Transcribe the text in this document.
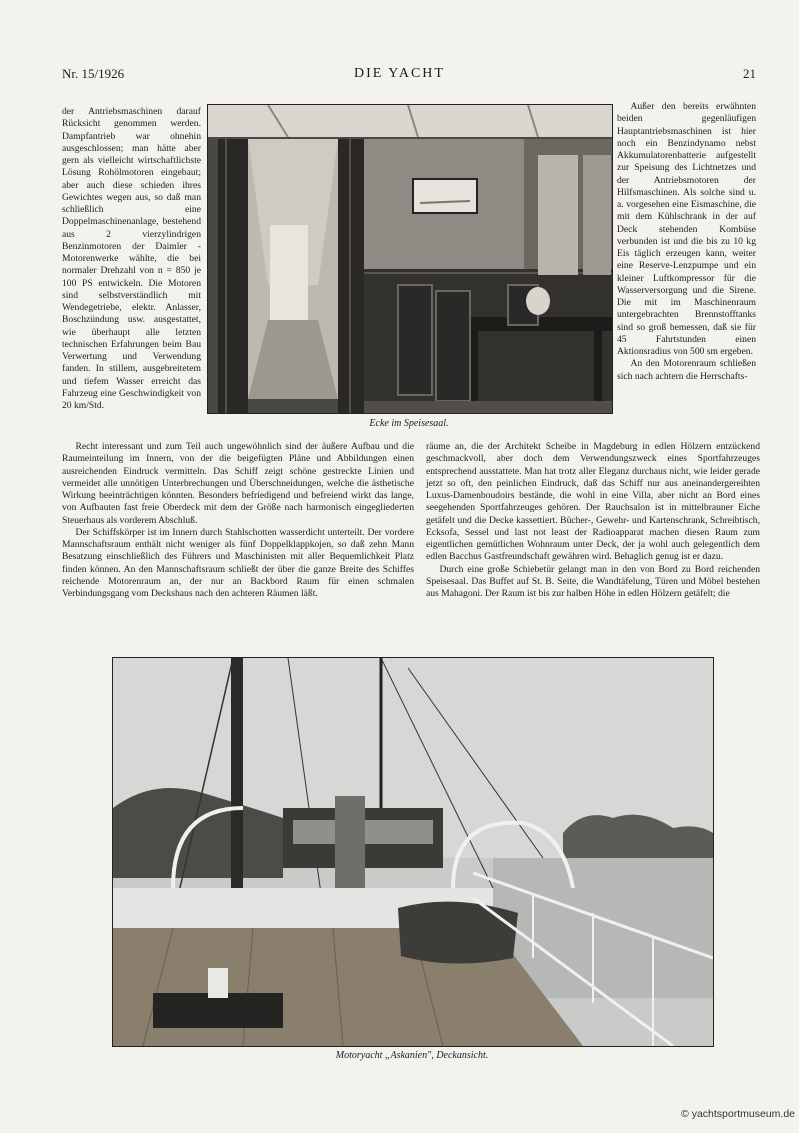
Nr. 15/1926	DIE YACHT	21

der Antriebsmaschinen darauf Rücksicht genommen werden. Dampfantrieb war ohnehin ausgeschlossen; man hätte aber gern als vielleicht wirtschaftlichste Lösung Rohölmotoren eingebaut; aber auch diese schieden ihres Gewichtes wegen aus, so daß man schließlich eine Doppelmaschinenanlage, bestehend aus 2 vierzylindrigen Benzinmotoren der Daimler - Motorenwerke wählte, die bei normaler Drehzahl von n = 850 je 100 PS entwickeln. Die Motoren sind selbstverständlich mit Wendegetriebe, elektr. Anlasser, Boschzündung usw. ausgestattet, wie überhaupt alle letzten technischen Erfahrungen beim Bau Verwertung und Verwendung fanden. In stillem, ausgebreitetem und tiefem Wasser erreicht das Fahrzeug eine Geschwindigkeit von 20 km/Std.

Außer den bereits erwähnten beiden gegenläufigen Hauptantriebsmaschinen ist hier noch ein Benzindynamo nebst Akkumulatorenbatterie aufgestellt zur Speisung des Lichtnetzes und der Antriebsmotoren der Hilfsmaschinen. Als solche sind u. a. vorgesehen eine Eismaschine, die mit dem Kühlschrank in der auf Deck stehenden Kombüse verbunden ist und die bis zu 10 kg Eis täglich erzeugen kann, weiter eine Reserve-Lenzpumpe und ein kleiner Luftkompressor für die Wasserversorgung und die Sirene. Die mit im Maschinenraum untergebrachten Brennstofftanks sind so groß bemessen, daß sie für 45 Fahrtstunden einen Aktionsradius von 500 sm ergeben.

An den Motorenraum schließen sich nach achtern die Herrschafts-

Ecke im Speisesaal.

Recht interessant und zum Teil auch ungewöhnlich sind der äußere Aufbau und die Raumeinteilung im Innern, von der die beigefügten Pläne und Abbildungen einen ausreichenden Eindruck vermitteln. Das Schiff zeigt schöne gestreckte Linien und vermeidet alle unnötigen Unterbrechungen und Überschneidungen, welche die ästhetische Wirkung beeinträchtigen könnten. Besonders befriedigend und befreiend wirkt das lange, von Aufbauten fast freie Oberdeck mit dem der Größe nach harmonisch eingegliederten Steuerhaus als vorderem Abschluß.

Der Schiffskörper ist im Innern durch Stahlschotten wasserdicht unterteilt. Der vordere Mannschaftsraum enthält nicht weniger als fünf Doppelklappkojen, so daß zehn Mann Besatzung einschließlich des Führers und Maschinisten mit aller Bequemlichkeit Platz finden können. An den Mannschaftsraum schließt der über die ganze Breite des Schiffes reichende Motorenraum an, der nur an Backbord Raum für einen schmalen Verbindungsgang vom Deckshaus nach den achteren Räumen läßt.

räume an, die der Architekt Scheibe in Magdeburg in edlen Hölzern entzückend geschmackvoll, aber doch dem Verwendungszweck eines Sportfahrzeuges entsprechend ausstattete. Man hat trotz aller Eleganz durchaus nicht, wie leider gerade jetzt so oft, den peinlichen Eindruck, daß das Schiff nur aus aneinandergereihten Luxus-Damenboudoirs bestände, die wohl in eine Villa, aber nicht an Bord eines seegehenden Sportfahrzeuges gehören. Der Rauchsalon ist in mittelbrauner Eiche getäfelt und die Decke kassettiert. Bücher-, Gewehr- und Kartenschrank, Schreibtisch, Ecksofa, Sessel und last not least der Radioapparat machen diesen Raum zum eigentlichen gemütlichen Wohnraum unter Deck, der ja wohl auch gelegentlich dem edlen Bacchus Gastfreundschaft gewähren wird. Behaglich genug ist er dazu.

Durch eine große Schiebetür gelangt man in den von Bord zu Bord reichenden Speisesaal. Das Buffet auf St. B. Seite, die Wandtäfelung, Türen und Möbel bestehen aus Mahagoni. Der Raum ist bis zur halben Höhe in edlen Hölzern getäfelt; die

Motoryacht „Askanien", Deckansicht.
© yachtsportmuseum.de
